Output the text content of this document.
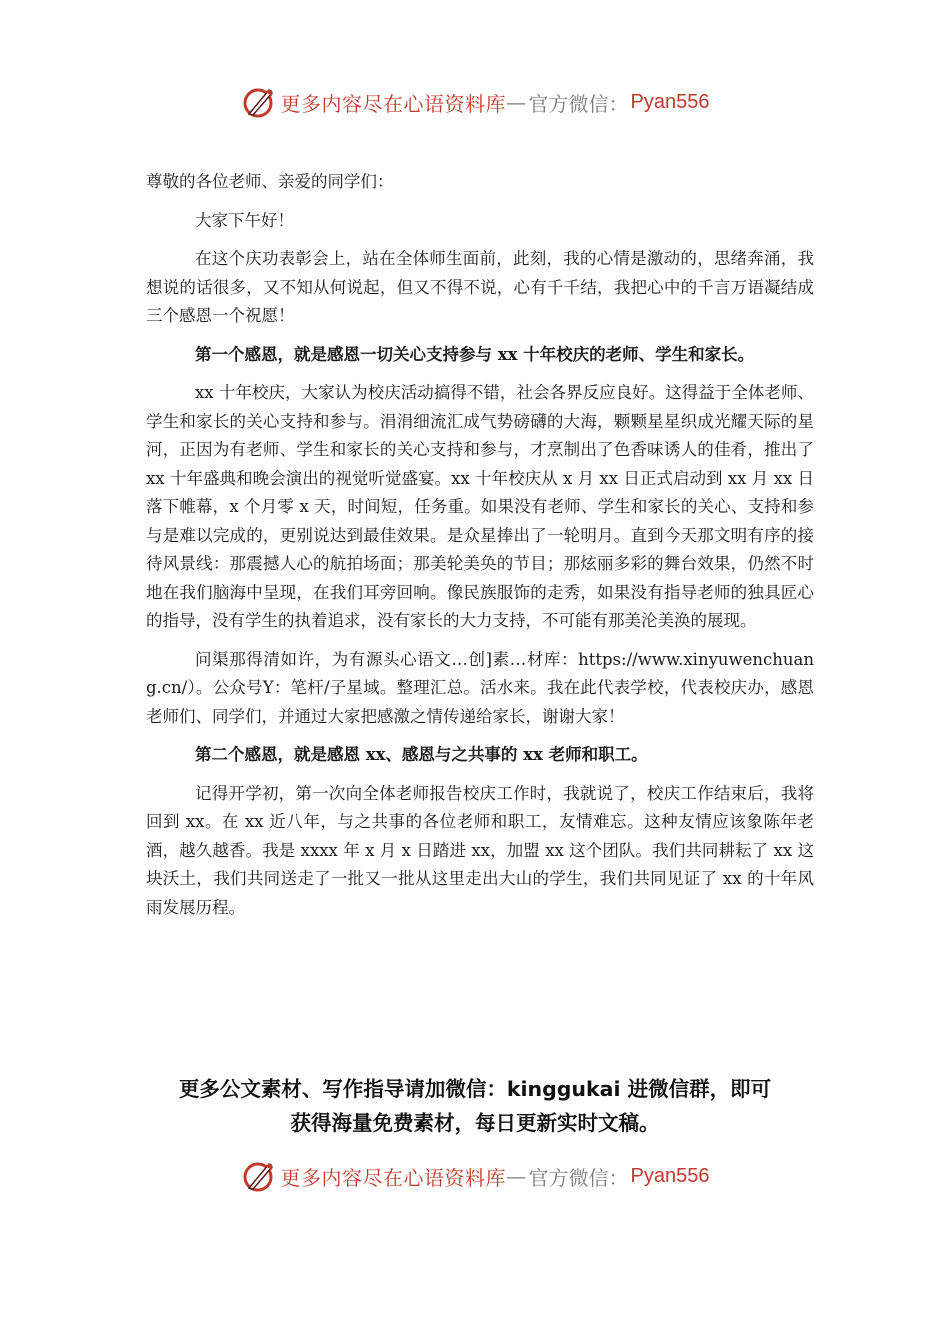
更多内容尽在心语资料库 — 官方微信： Pyan556

尊敬的各位老师、亲爱的同学们：

大家下午好！

在这个庆功表彰会上，站在全体师生面前，此刻，我的心情是激动的，思绪奔涌，我想说的话很多，又不知从何说起，但又不得不说，心有千千结，我把心中的千言万语凝结成三个感恩一个祝愿！

第一个感恩，就是感恩一切关心支持参与 xx 十年校庆的老师、学生和家长。

xx 十年校庆，大家认为校庆活动搞得不错，社会各界反应良好。这得益于全体老师、学生和家长的关心支持和参与。涓涓细流汇成气势磅礴的大海，颗颗星星织成光耀天际的星河，正因为有老师、学生和家长的关心支持和参与，才烹制出了色香味诱人的佳肴，推出了 xx 十年盛典和晚会演出的视觉听觉盛宴。xx 十年校庆从 x 月 xx 日正式启动到 xx 月 xx 日落下帷幕，x 个月零 x 天，时间短，任务重。如果没有老师、学生和家长的关心、支持和参与是难以完成的，更别说达到最佳效果。是众星捧出了一轮明月。直到今天那文明有序的接待风景线：那震撼人心的航拍场面；那美轮美奂的节目；那炫丽多彩的舞台效果，仍然不时地在我们脑海中呈现，在我们耳旁回响。像民族服饰的走秀，如果没有指导老师的独具匠心的指导，没有学生的执着追求，没有家长的大力支持，不可能有那美沦美涣的展现。

问渠那得清如许，为有源头心语文…创]素…材库：https://www.xinyuwenchuang.cn/）。公众号Y：笔杆/子星域。整理汇总。活水来。我在此代表学校，代表校庆办，感恩老师们、同学们，并通过大家把感激之情传递给家长，谢谢大家！

第二个感恩，就是感恩 xx、感恩与之共事的 xx 老师和职工。

记得开学初，第一次向全体老师报告校庆工作时，我就说了，校庆工作结束后，我将回到 xx。在 xx 近八年，与之共事的各位老师和职工，友情难忘。这种友情应该象陈年老酒，越久越香。我是 xxxx 年 x 月 x 日踏进 xx，加盟 xx 这个团队。我们共同耕耘了 xx 这块沃土，我们共同送走了一批又一批从这里走出大山的学生，我们共同见证了 xx 的十年风雨发展历程。

更多公文素材、写作指导请加微信：kinggukai 进微信群，即可
获得海量免费素材，每日更新实时文稿。
更多内容尽在心语资料库 — 官方微信： Pyan556
